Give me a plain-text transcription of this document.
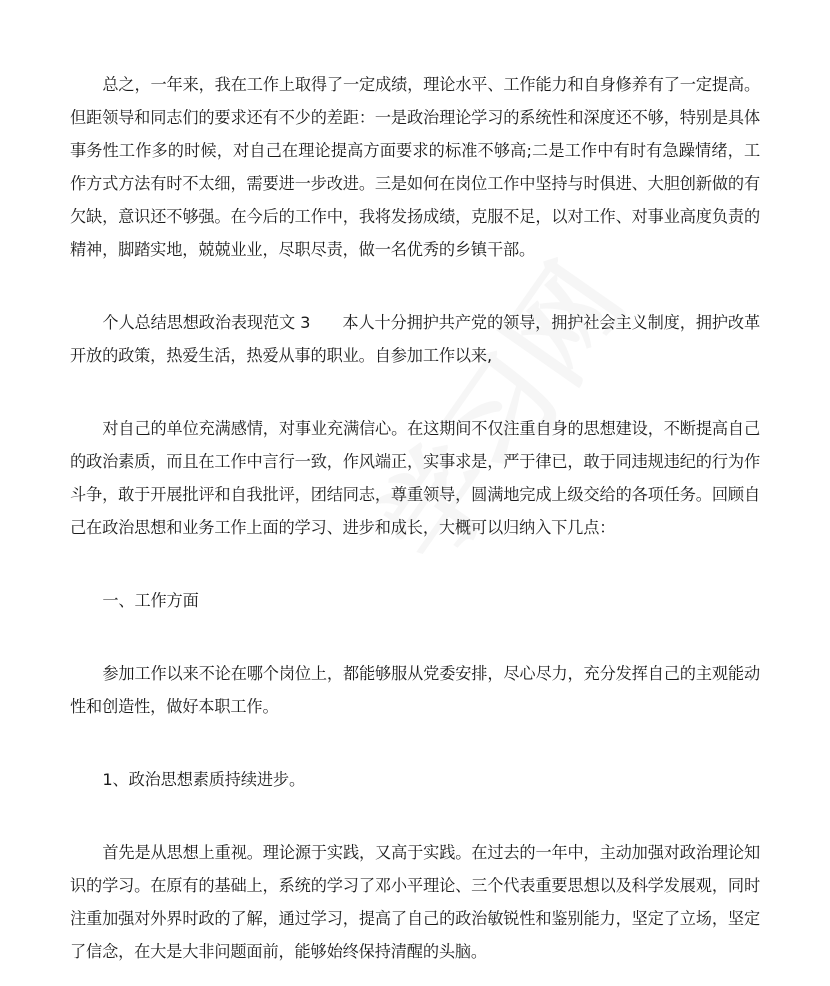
总之，一年来，我在工作上取得了一定成绩，理论水平、工作能力和自身修养有了一定提高。但距领导和同志们的要求还有不少的差距：一是政治理论学习的系统性和深度还不够，特别是具体事务性工作多的时候，对自己在理论提高方面要求的标准不够高;二是工作中有时有急躁情绪，工作方式方法有时不太细，需要进一步改进。三是如何在岗位工作中坚持与时俱进、大胆创新做的有欠缺，意识还不够强。在今后的工作中，我将发扬成绩，克服不足，以对工作、对事业高度负责的精神，脚踏实地，兢兢业业，尽职尽责，做一名优秀的乡镇干部。

个人总结思想政治表现范文 3　　本人十分拥护共产党的领导，拥护社会主义制度，拥护改革开放的政策，热爱生活，热爱从事的职业。自参加工作以来,

对自己的单位充满感情，对事业充满信心。在这期间不仅注重自身的思想建设，不断提高自己的政治素质，而且在工作中言行一致，作风端正，实事求是，严于律已，敢于同违规违纪的行为作斗争，敢于开展批评和自我批评，团结同志，尊重领导，圆满地完成上级交给的各项任务。回顾自己在政治思想和业务工作上面的学习、进步和成长，大概可以归纳入下几点：

一、工作方面

参加工作以来不论在哪个岗位上，都能够服从党委安排，尽心尽力，充分发挥自己的主观能动性和创造性，做好本职工作。

1、政治思想素质持续进步。

首先是从思想上重视。理论源于实践，又高于实践。在过去的一年中，主动加强对政治理论知识的学习。在原有的基础上，系统的学习了邓小平理论、三个代表重要思想以及科学发展观，同时注重加强对外界时政的了解，通过学习，提高了自己的政治敏锐性和鉴别能力，坚定了立场，坚定了信念，在大是大非问题面前，能够始终保持清醒的头脑。
